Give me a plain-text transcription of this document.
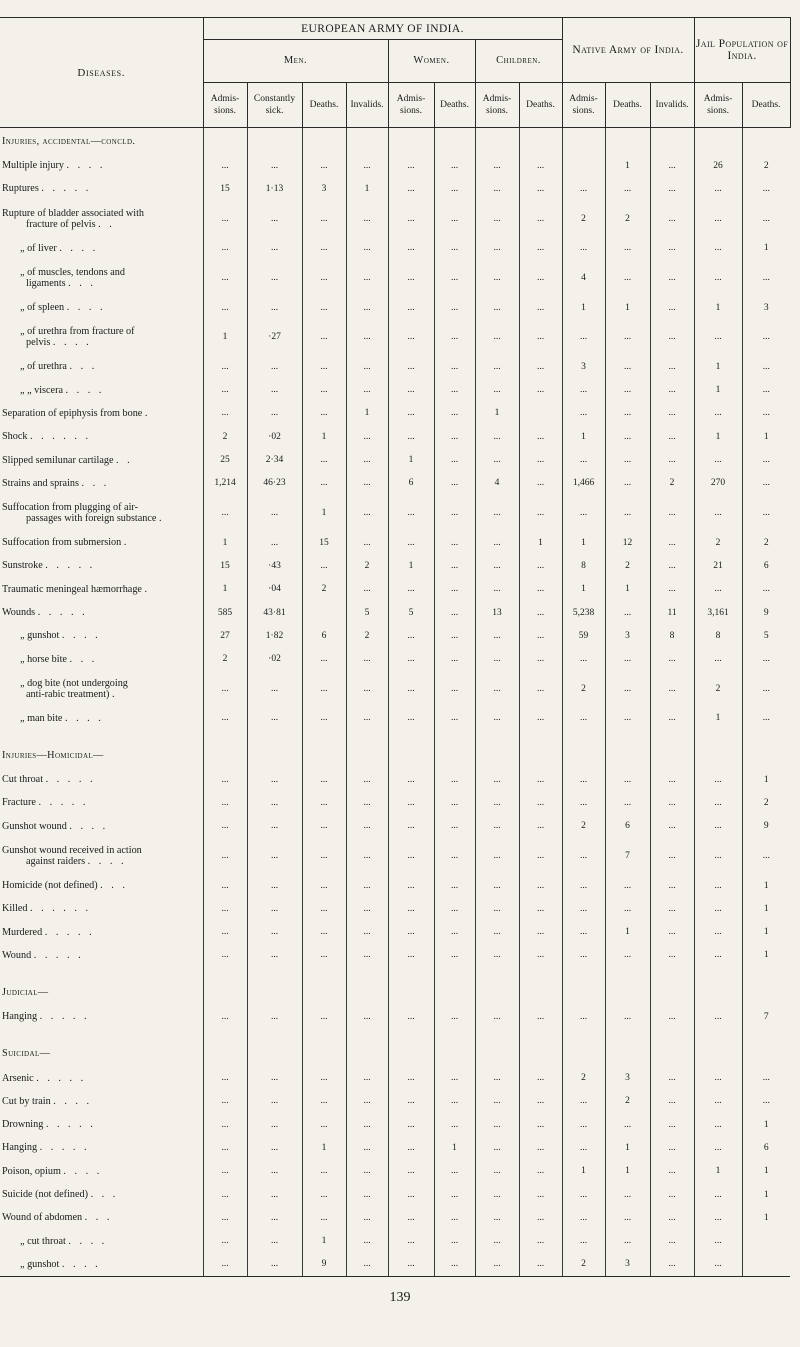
Diseases.	EUROPEAN ARMY OF INDIA.								Native Army of India.			Jail Population of India.	
	Men.				Women.		Children.						
	Admis-sions.	Constantly sick.	Deaths.	Invalids.	Admis-sions.	Deaths.	Admis-sions.	Deaths.	Admis-sions.	Deaths.	Invalids.	Admis-sions.	Deaths.
Injuries, accidental—concld.													
Multiple injury . . . .	...	...	...	...	...	...	...	...		1	...	26	2
Ruptures . . . . .	15	1·13	3	1	...	...	...	...	...	...	...	...	...
Rupture of bladder associated with
fracture of pelvis . .	...	...	...	...	...	...	...	...	2	2	...	...	...
„ of liver . . . .	...	...	...	...	...	...	...	...	...	...	...	...	1
„ of muscles, tendons and
ligaments . . .	...	...	...	...	...	...	...	...	4	...	...	...	...
„ of spleen . . . .	...	...	...	...	...	...	...	...	1	1	...	1	3
„ of urethra from fracture of
pelvis . . . .	1	·27	...	...	...	...	...	...	...	...	...	...	...
„ of urethra . . .	...	...	...	...	...	...	...	...	3	...	...	1	...
„ „ viscera . . . .	...	...	...	...	...	...	...	...	...	...	...	1	...
Separation of epiphysis from bone .	...	...	...	1	...	...	1		...	...	...	...	...
Shock . . . . . .	2	·02	1	...	...	...	...	...	1	...	...	1	1
Slipped semilunar cartilage . .	25	2·34	...	...	1	...	...	...	...	...	...	...	...
Strains and sprains . . .	1,214	46·23	...	...	6	...	4	...	1,466	...	2	270	...
Suffocation from plugging of air-
passages with foreign substance .	...	...	1	...	...	...	...	...	...	...	...	...	...
Suffocation from submersion .	1	...	15	...	...	...	...	1	1	12	...	2	2
Sunstroke . . . . .	15	·43	...	2	1	...	...	...	8	2	...	21	6
Traumatic meningeal hæmorrhage .	1	·04	2	...	...	...	...	...	1	1	...	...	...
Wounds . . . . .	585	43·81		5	5	...	13	...	5,238	...	11	3,161	9
„ gunshot . . . .	27	1·82	6	2	...	...	...	...	59	3	8	8	5
„ horse bite . . .	2	·02	...	...	...	...	...	...	...	...	...	...	...
„ dog bite (not undergoing
anti-rabic treatment) .	...	...	...	...	...	...	...	...	2	...	...	2	...
„ man bite . . . .	...	...	...	...	...	...	...	...	...	...	...	1	...

Injuries—Homicidal—													
Cut throat . . . . .	...	...	...	...	...	...	...	...	...	...	...	...	1
Fracture . . . . .	...	...	...	...	...	...	...	...	...	...	...	...	2
Gunshot wound . . . .	...	...	...	...	...	...	...	...	2	6	...	...	9
Gunshot wound received in action
against raiders . . . .	...	...	...	...	...	...	...	...	...	7	...	...	...
Homicide (not defined) . . .	...	...	...	...	...	...	...	...	...	...	...	...	1
Killed . . . . . .	...	...	...	...	...	...	...	...	...	...	...	...	1
Murdered . . . . .	...	...	...	...	...	...	...	...	...	1	...	...	1
Wound . . . . .	...	...	...	...	...	...	...	...	...	...	...	...	1

Judicial—													
Hanging . . . . .	...	...	...	...	...	...	...	...	...	...	...	...	7

Suicidal—													
Arsenic . . . . .	...	...	...	...	...	...	...	...	2	3	...	...	...
Cut by train . . . .	...	...	...	...	...	...	...	...	...	2	...	...	...
Drowning . . . . .	...	...	...	...	...	...	...	...	...	...	...	...	1
Hanging . . . . .	...	...	1	...	...	1	...	...	...	1	...	...	6
Poison, opium . . . .	...	...	...	...	...	...	...	...	1	1	...	1	1
Suicide (not defined) . . .	...	...	...	...	...	...	...	...	...	...	...	...	1
Wound of abdomen . . .	...	...	...	...	...	...	...	...	...	...	...	...	1
„ cut throat . . . .	...	...	1	...	...	...	...	...	...	...	...	...	
„ gunshot . . . .	...	...	9	...	...	...	...	...	2	3	...	...	
139
